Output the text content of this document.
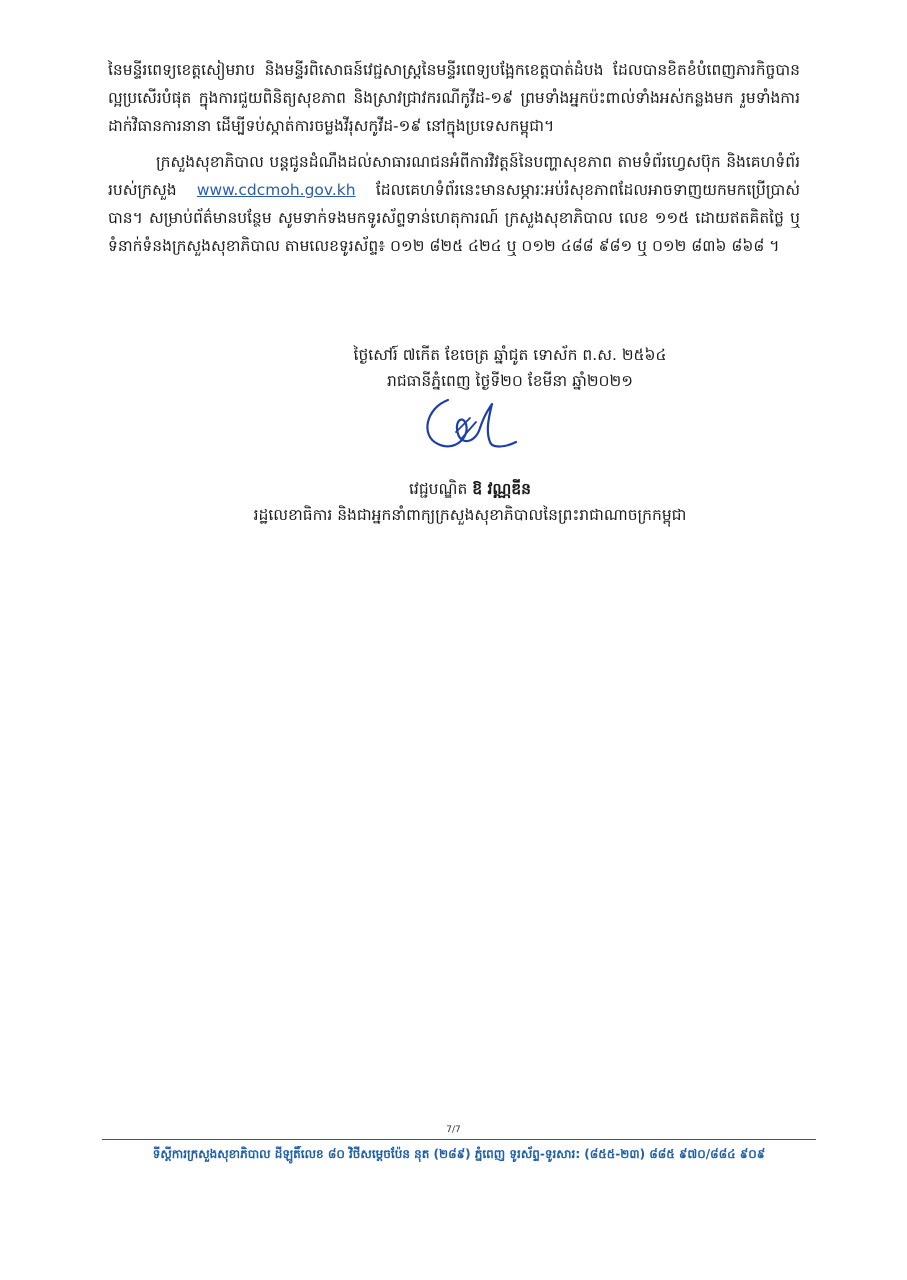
នៃមន្ទីរពេទ្យខេត្តសៀមរាប និងមន្ទីរពិសោធន៍វេជ្ជសាស្ត្រនៃមន្ទីរពេទ្យបង្អែកខេត្តបាត់ដំបង ដែលបានខិតខំបំពេញភារកិច្ចបានល្អប្រសើរបំផុត ក្នុងការជួយពិនិត្យសុខភាព និងស្រាវជ្រាវករណីកូវីដ-១៩ ព្រមទាំងអ្នកប៉ះពាល់ទាំងអស់កន្លងមក រួមទាំងការដាក់វិធានការនានា ដើម្បីទប់ស្កាត់ការចម្លងវីរុសកូវីដ-១៩ នៅក្នុងប្រទេសកម្ពុជា។

ក្រសួងសុខាភិបាល បន្តជូនដំណឹងដល់សាធារណជនអំពីការវិវត្តន៍នៃបញ្ហាសុខភាព តាមទំព័រហ្វេសប៊ុក និងគេហទំព័ររបស់ក្រសួង www.cdcmoh.gov.kh ដែលគេហទំព័រនេះមានសម្ភារៈអប់រំសុខភាពដែលអាចទាញយកមកប្រើប្រាស់បាន។ សម្រាប់ព័ត៌មានបន្ថែម សូមទាក់ទងមកទូរស័ព្ទទាន់ហេតុការណ៍ ក្រសួងសុខាភិបាល លេខ ១១៥ ដោយឥតគិតថ្លៃ ឬទំនាក់ទំនងក្រសួងសុខាភិបាល តាមលេខទូរស័ព្ទ៖ ០១២ ៨២៥ ៤២៤ ឬ ០១២ ៤៨៨ ៩៨១ ឬ ០១២ ៨៣៦ ៨៦៨ ។

ថ្ងៃសៅរ៍ ៧កើត ខែចេត្រ ឆ្នាំជូត ទោស័ក ព.ស. ២៥៦៤
រាជធានីភ្នំពេញ ថ្ងៃទី២០ ខែមីនា ឆ្នាំ២០២១
វេជ្ជបណ្ឌិត ឱ វណ្ណឌីន
រដ្ឋលេខាធិការ និងជាអ្នកនាំពាក្យក្រសួងសុខាភិបាលនៃព្រះរាជាណាចក្រកម្ពុជា
7/7
ទីស្តីការក្រសួងសុខាភិបាល ដីឡូតិ៍លេខ ៨០ វិថីសម្តេចប៉ែន នុត (២៨៩) ភ្នំពេញ ទូរស័ព្ទ-ទូរសារ: (៨៥៥-២៣) ៨៨៥ ៩៧០/៨៨៤ ៩០៩
